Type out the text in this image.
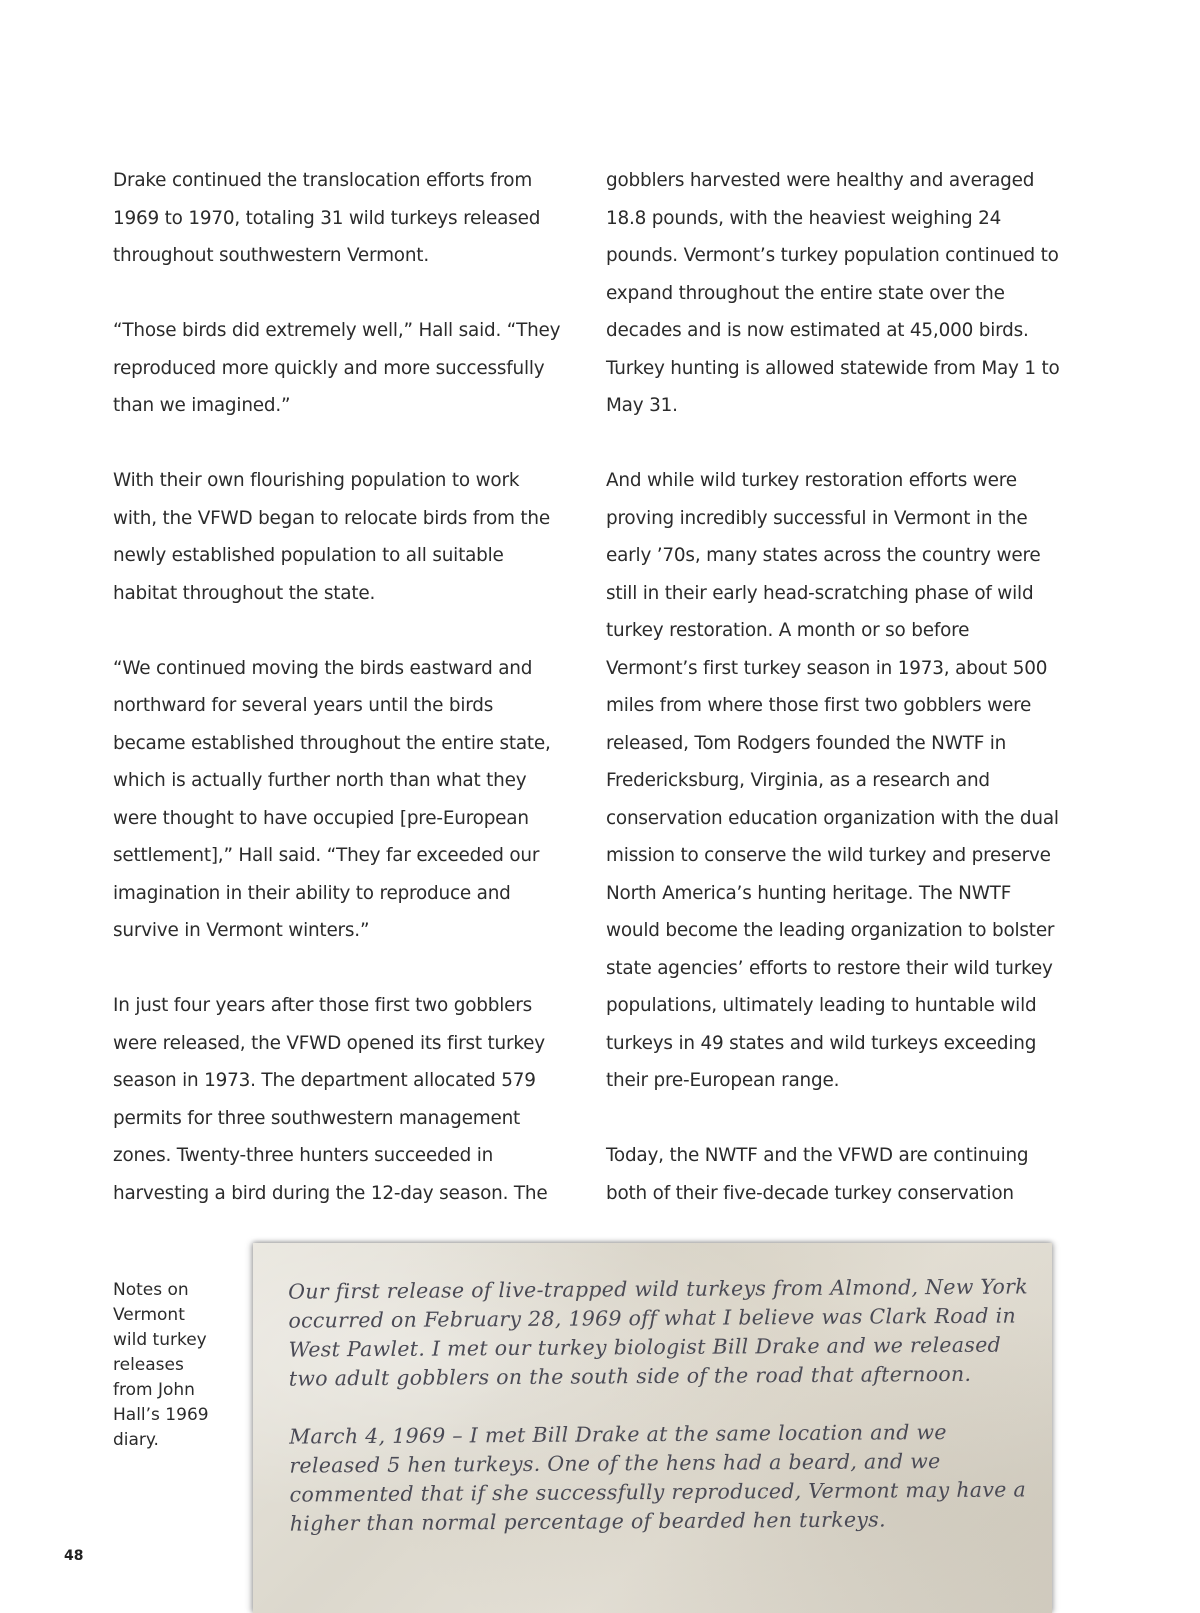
Drake continued the translocation efforts from 1969 to 1970, totaling 31 wild turkeys released throughout southwestern Vermont.

“Those birds did extremely well,” Hall said. “They reproduced more quickly and more successfully than we imagined.”

With their own flourishing population to work with, the VFWD began to relocate birds from the newly established population to all suitable habitat throughout the state.

“We continued moving the birds eastward and northward for several years until the birds became established throughout the entire state, which is actually further north than what they were thought to have occupied [pre-European settlement],” Hall said. “They far exceeded our imagination in their ability to reproduce and survive in Vermont winters.”

In just four years after those first two gobblers were released, the VFWD opened its first turkey season in 1973. The department allocated 579 permits for three southwestern management zones. Twenty-three hunters succeeded in harvesting a bird during the 12-day season. The

gobblers harvested were healthy and averaged 18.8 pounds, with the heaviest weighing 24 pounds. Vermont’s turkey population continued to expand throughout the entire state over the decades and is now estimated at 45,000 birds. Turkey hunting is allowed statewide from May 1 to May 31.

And while wild turkey restoration efforts were proving incredibly successful in Vermont in the early ’70s, many states across the country were still in their early head-scratching phase of wild turkey restoration. A month or so before Vermont’s first turkey season in 1973, about 500 miles from where those first two gobblers were released, Tom Rodgers founded the NWTF in Fredericksburg, Virginia, as a research and conservation education organization with the dual mission to conserve the wild turkey and preserve North America’s hunting heritage. The NWTF would become the leading organization to bolster state agencies’ efforts to restore their wild turkey populations, ultimately leading to huntable wild turkeys in 49 states and wild turkeys exceeding their pre-European range.

Today, the NWTF and the VFWD are continuing both of their five-decade turkey conservation

Notes on Vermont wild turkey releases from John Hall’s 1969 diary.

Our first release of live-trapped wild turkeys from Almond, New York occurred on February 28, 1969 off what I believe was Clark Road in West Pawlet. I met our turkey biologist Bill Drake and we released two adult gobblers on the south side of the road that afternoon.

March 4, 1969 – I met Bill Drake at the same location and we released 5 hen turkeys. One of the hens had a beard, and we commented that if she successfully reproduced, Vermont may have a higher than normal percentage of bearded hen turkeys.

48
